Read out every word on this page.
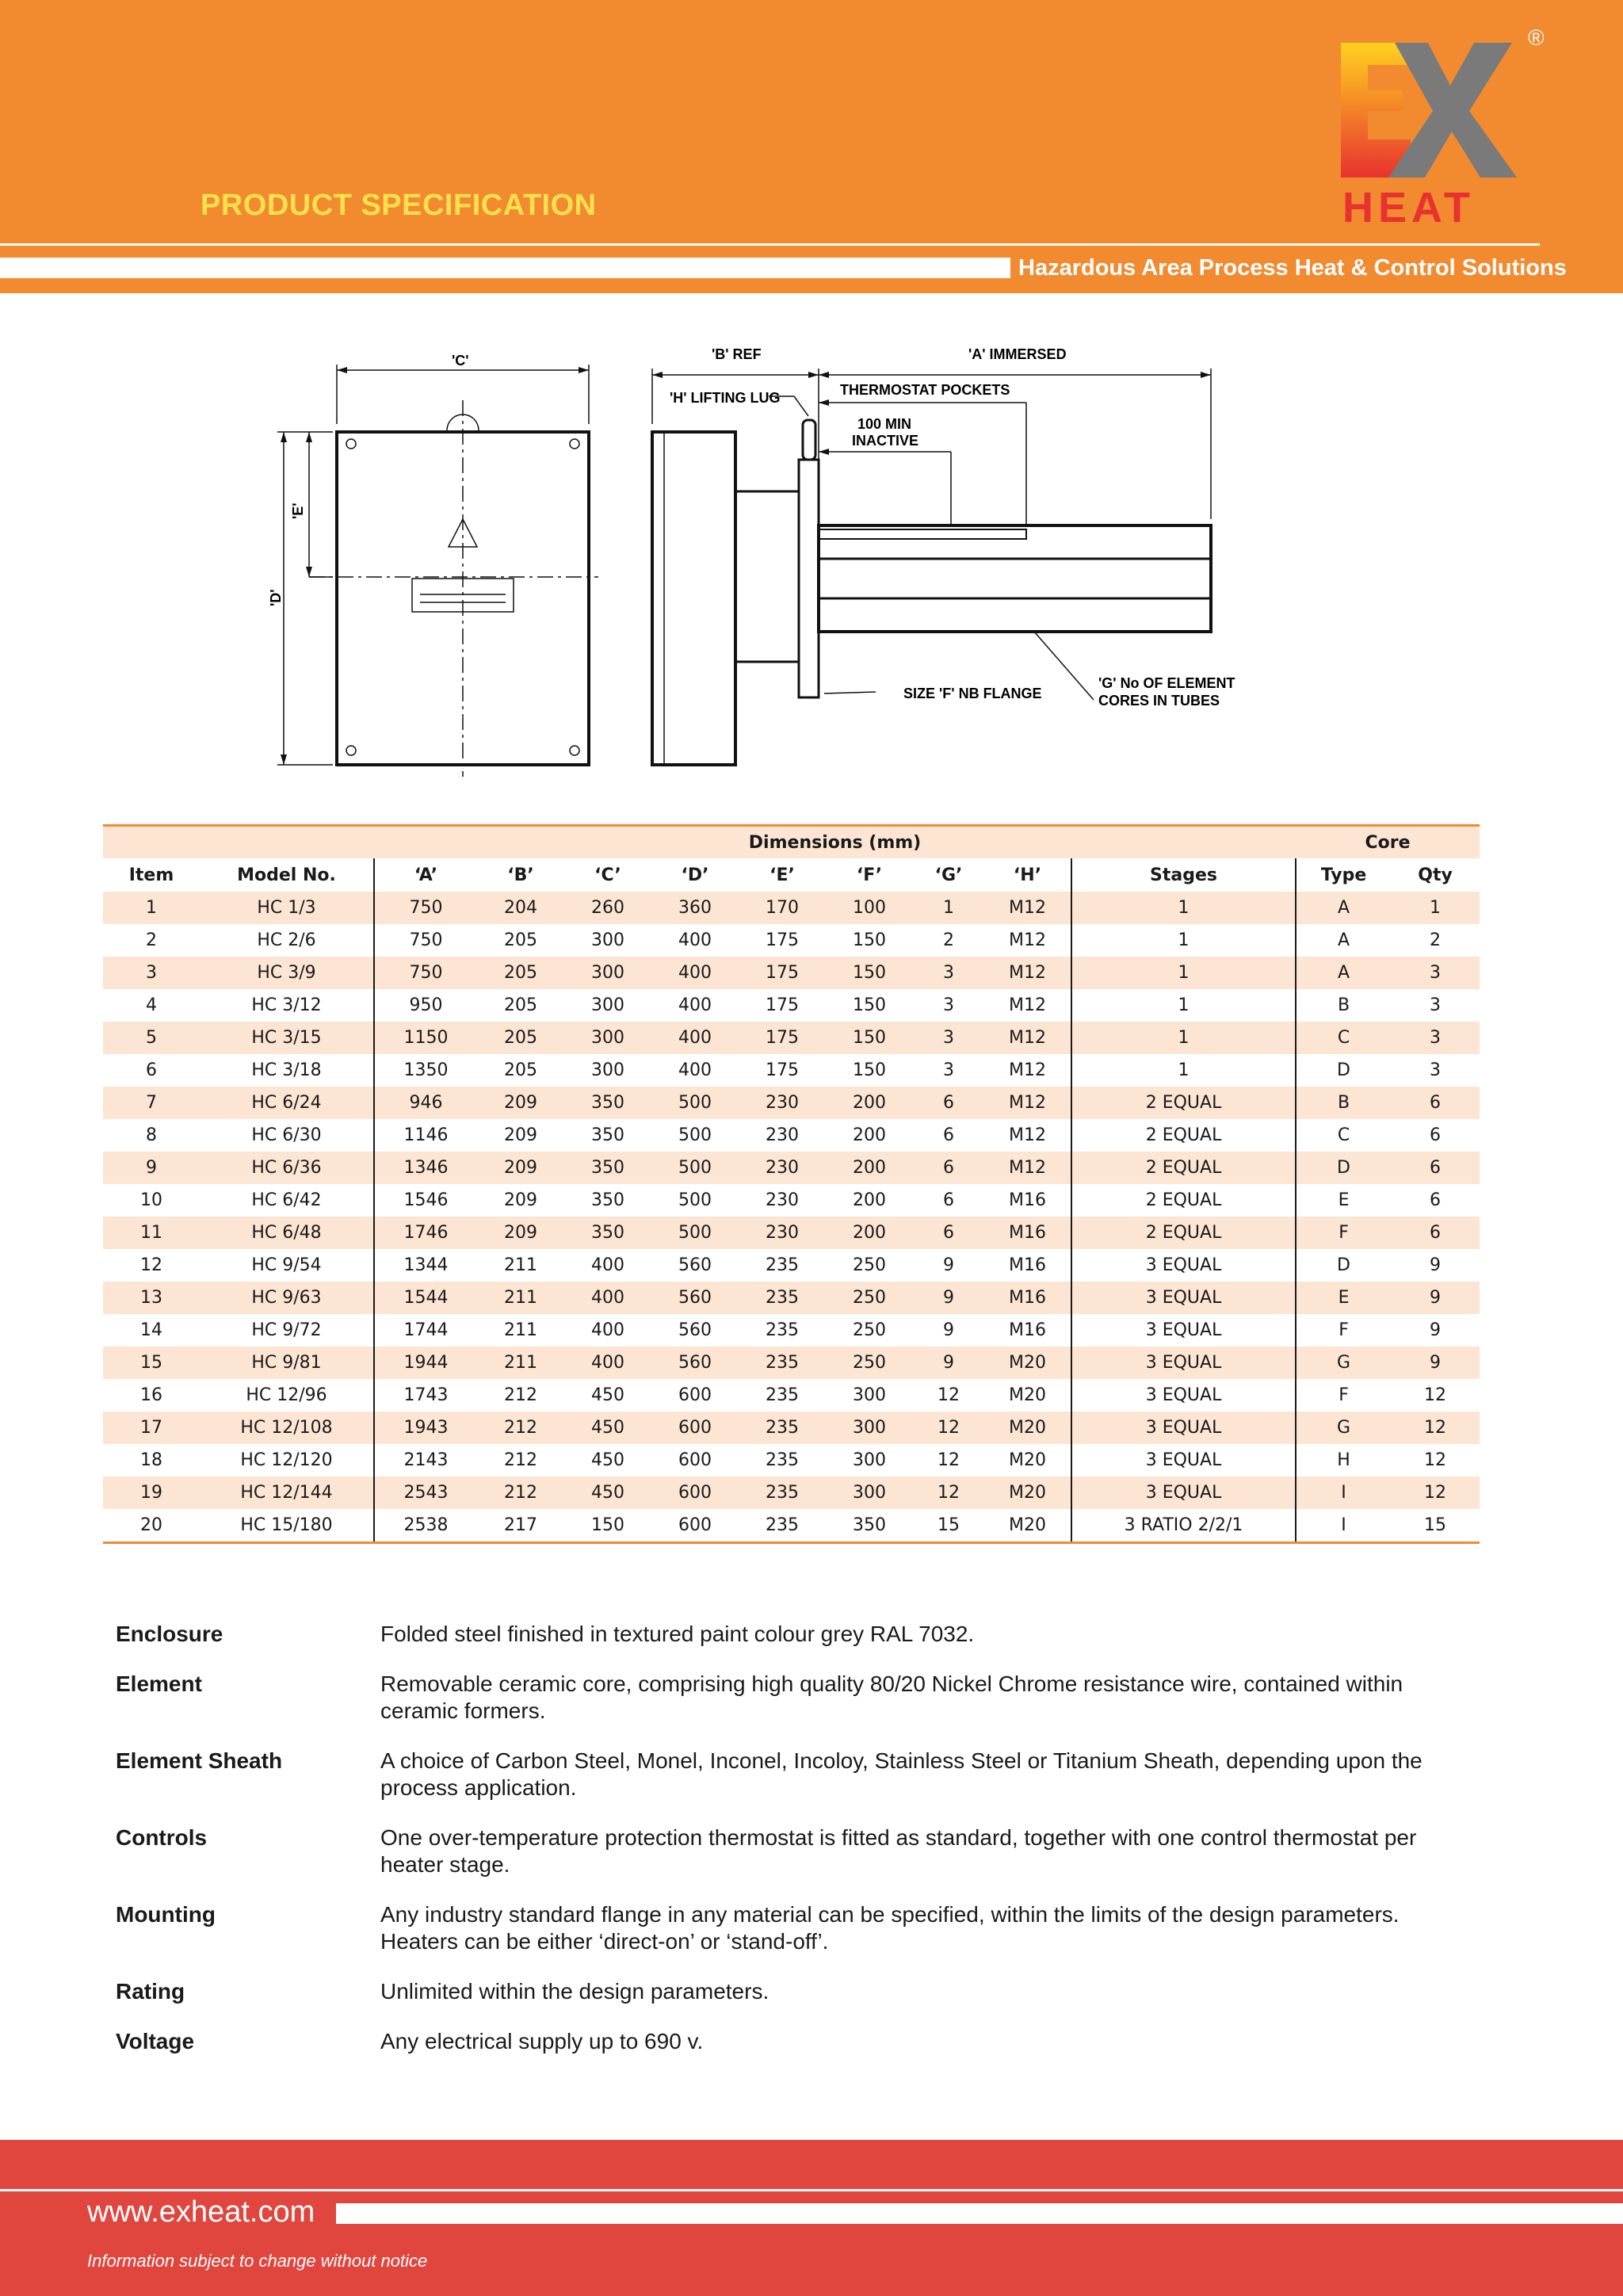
PRODUCT SPECIFICATION
Hazardous Area Process Heat & Control Solutions
HEAT
®
'C'
'E'
'D'
'B' REF	'A' IMMERSED
'H' LIFTING LUG	THERMOSTAT POCKETS
100 MIN
INACTIVE
SIZE 'F' NB FLANGE
'G' No OF ELEMENT
CORES IN TUBES
		Dimensions (mm)									Core	
Item	Model No.	‘A’	‘B’	‘C’	‘D’	‘E’	‘F’	‘G’	‘H’	Stages	Type	Qty
1	HC 1/3	750	204	260	360	170	100	1	M12	1	A	1
2	HC 2/6	750	205	300	400	175	150	2	M12	1	A	2
3	HC 3/9	750	205	300	400	175	150	3	M12	1	A	3
4	HC 3/12	950	205	300	400	175	150	3	M12	1	B	3
5	HC 3/15	1150	205	300	400	175	150	3	M12	1	C	3
6	HC 3/18	1350	205	300	400	175	150	3	M12	1	D	3
7	HC 6/24	946	209	350	500	230	200	6	M12	2 EQUAL	B	6
8	HC 6/30	1146	209	350	500	230	200	6	M12	2 EQUAL	C	6
9	HC 6/36	1346	209	350	500	230	200	6	M12	2 EQUAL	D	6
10	HC 6/42	1546	209	350	500	230	200	6	M16	2 EQUAL	E	6
11	HC 6/48	1746	209	350	500	230	200	6	M16	2 EQUAL	F	6
12	HC 9/54	1344	211	400	560	235	250	9	M16	3 EQUAL	D	9
13	HC 9/63	1544	211	400	560	235	250	9	M16	3 EQUAL	E	9
14	HC 9/72	1744	211	400	560	235	250	9	M16	3 EQUAL	F	9
15	HC 9/81	1944	211	400	560	235	250	9	M20	3 EQUAL	G	9
16	HC 12/96	1743	212	450	600	235	300	12	M20	3 EQUAL	F	12
17	HC 12/108	1943	212	450	600	235	300	12	M20	3 EQUAL	G	12
18	HC 12/120	2143	212	450	600	235	300	12	M20	3 EQUAL	H	12
19	HC 12/144	2543	212	450	600	235	300	12	M20	3 EQUAL	I	12
20	HC 15/180	2538	217	150	600	235	350	15	M20	3 RATIO 2/2/1	I	15
Enclosure	Folded steel finished in textured paint colour grey RAL 7032.
Element	Removable ceramic core, comprising high quality 80/20 Nickel Chrome resistance wire, contained within ceramic formers.
Element Sheath	A choice of Carbon Steel, Monel, Inconel, Incoloy, Stainless Steel or Titanium Sheath, depending upon the process application.
Controls	One over-temperature protection thermostat is fitted as standard, together with one control thermostat per heater stage.
Mounting	Any industry standard flange in any material can be specified, within the limits of the design parameters. Heaters can be either ‘direct-on’ or ‘stand-off’.
Rating	Unlimited within the design parameters.
Voltage	Any electrical supply up to 690 v.
www.exheat.com
Information subject to change without notice
